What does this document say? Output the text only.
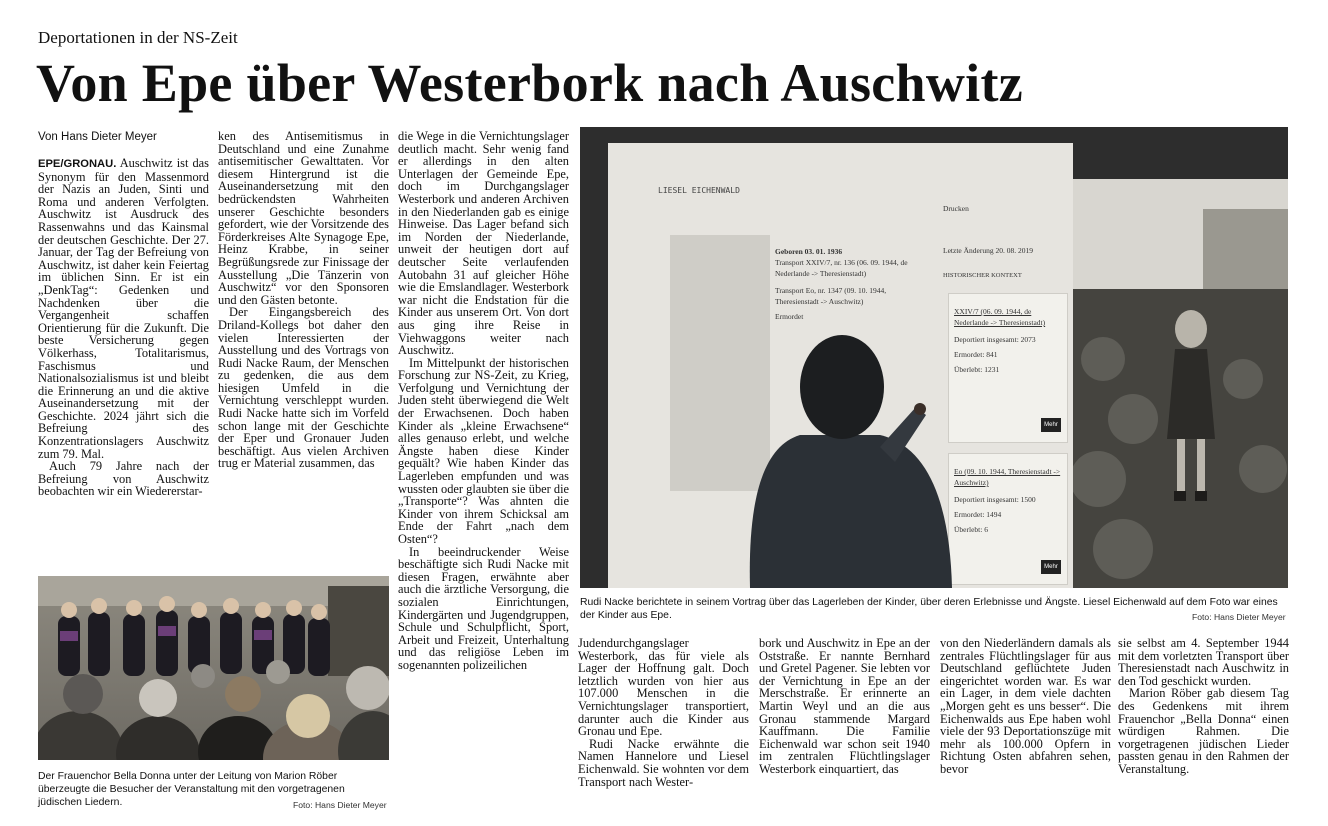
Deportationen in der NS-Zeit
Von Epe über Westerbork nach Auschwitz
Von Hans Dieter Meyer

EPE/GRONAU. Auschwitz ist das Synonym für den Massenmord der Nazis an Juden, Sinti und Roma und anderen Verfolgten. Auschwitz ist Ausdruck des Rassenwahns und das Kainsmal der deutschen Geschichte. Der 27. Januar, der Tag der Befreiung von Auschwitz, ist daher kein Feiertag im üblichen Sinn. Er ist ein „DenkTag“: Gedenken und Nachdenken über die Vergangenheit schaffen Orientierung für die Zukunft. Die beste Versicherung gegen Völkerhass, Totalitarismus, Faschismus und Nationalsozialismus ist und bleibt die Erinnerung an und die aktive Auseinandersetzung mit der Geschichte. 2024 jährt sich die Befreiung des Konzentrationslagers Auschwitz zum 79. Mal.

Auch 79 Jahre nach der Befreiung von Auschwitz beobachten wir ein Wiedererstar-

ken des Antisemitismus in Deutschland und eine Zunahme antisemitischer Gewalttaten. Vor diesem Hintergrund ist die Auseinandersetzung mit den bedrückendsten Wahrheiten unserer Geschichte besonders gefordert, wie der Vorsitzende des Förderkreises Alte Synagoge Epe, Heinz Krabbe, in seiner Begrüßungsrede zur Finissage der Ausstellung „Die Tänzerin von Auschwitz“ vor den Sponsoren und den Gästen betonte.

Der Eingangsbereich des Driland-Kollegs bot daher den vielen Interessierten der Ausstellung und des Vortrags von Rudi Nacke Raum, der Menschen zu gedenken, die aus dem hiesigen Umfeld in die Vernichtung verschleppt wurden. Rudi Nacke hatte sich im Vorfeld schon lange mit der Geschichte der Eper und Gronauer Juden beschäftigt. Aus vielen Archiven trug er Material zusammen, das

Der Frauenchor Bella Donna unter der Leitung von Marion Röber überzeugte die Besucher der Veranstaltung mit den vorgetragenen jüdischen Liedern.	Foto: Hans Dieter Meyer

die Wege in die Vernichtungslager deutlich macht. Sehr wenig fand er allerdings in den alten Unterlagen der Gemeinde Epe, doch im Durchgangslager Westerbork und anderen Archiven in den Niederlanden gab es einige Hinweise. Das Lager befand sich im Norden der Niederlande, unweit der heutigen dort auf deutscher Seite verlaufenden Autobahn 31 auf gleicher Höhe wie die Emslandlager. Westerbork war nicht die Endstation für die Kinder aus unserem Ort. Von dort aus ging ihre Reise in Viehwaggons weiter nach Auschwitz.

Im Mittelpunkt der historischen Forschung zur NS-Zeit, zu Krieg, Verfolgung und Vernichtung der Juden steht überwiegend die Welt der Erwachsenen. Doch haben Kinder als „kleine Erwachsene“ alles genauso erlebt, und welche Ängste haben diese Kinder gequält? Wie haben Kinder das Lagerleben empfunden und was wussten oder glaubten sie über die „Transporte“? Was ahnten die Kinder von ihrem Schicksal am Ende der Fahrt „nach dem Osten“?

In beeindruckender Weise beschäftigte sich Rudi Nacke mit diesen Fragen, erwähnte aber auch die ärztliche Versorgung, die sozialen Einrichtungen, Kindergärten und Jugendgruppen, Schule und Schulpflicht, Sport, Arbeit und Freizeit, Unterhaltung und das religiöse Leben im sogenannten polizeilichen

LIESEL EICHENWALD
Geboren 03. 01. 1936
Transport XXIV/7, nr. 136 (06. 09. 1944, de Nederlande -> Theresienstadt)
Transport Eo, nr. 1347 (09. 10. 1944, Theresienstadt -> Auschwitz)
Ermordet
Drucken
Letzte Änderung 20. 08. 2019
HISTORISCHER KONTEXT
XXIV/7 (06. 09. 1944, de Nederlande -> Theresienstadt)
Deportiert insgesamt: 2073
Ermordet: 841
Überlebt: 1231
Mehr
Eo (09. 10. 1944, Theresienstadt -> Auschwitz)
Deportiert insgesamt: 1500
Ermordet: 1494
Überlebt: 6
Mehr
Rudi Nacke berichtete in seinem Vortrag über das Lagerleben der Kinder, über deren Erlebnisse und Ängste. Liesel Eichenwald auf dem Foto war eines der Kinder aus Epe.	Foto: Hans Dieter Meyer

Judendurchgangslager Westerbork, das für viele als Lager der Hoffnung galt. Doch letztlich wurden von hier aus 107.000 Menschen in die Vernichtungslager transportiert, darunter auch die Kinder aus Gronau und Epe.

Rudi Nacke erwähnte die Namen Hannelore und Liesel Eichenwald. Sie wohnten vor dem Transport nach Wester-

bork und Auschwitz in Epe an der Oststraße. Er nannte Bernhard und Gretel Pagener. Sie lebten vor der Vernichtung in Epe an der Merschstraße. Er erinnerte an Martin Weyl und an die aus Gronau stammende Margard Kauffmann. Die Familie Eichenwald war schon seit 1940 im zentralen Flüchtlingslager Westerbork einquartiert, das

von den Niederländern damals als zentrales Flüchtlingslager für aus Deutschland geflüchtete Juden eingerichtet worden war. Es war ein Lager, in dem viele dachten „Morgen geht es uns besser“. Die Eichenwalds aus Epe haben wohl viele der 93 Deportationszüge mit mehr als 100.000 Opfern in Richtung Osten abfahren sehen, bevor

sie selbst am 4. September 1944 mit dem vorletzten Transport über Theresienstadt nach Auschwitz in den Tod geschickt wurden.

Marion Röber gab diesem Tag des Gedenkens mit ihrem Frauenchor „Bella Donna“ einen würdigen Rahmen. Die vorgetragenen jüdischen Lieder passten genau in den Rahmen der Veranstaltung.
